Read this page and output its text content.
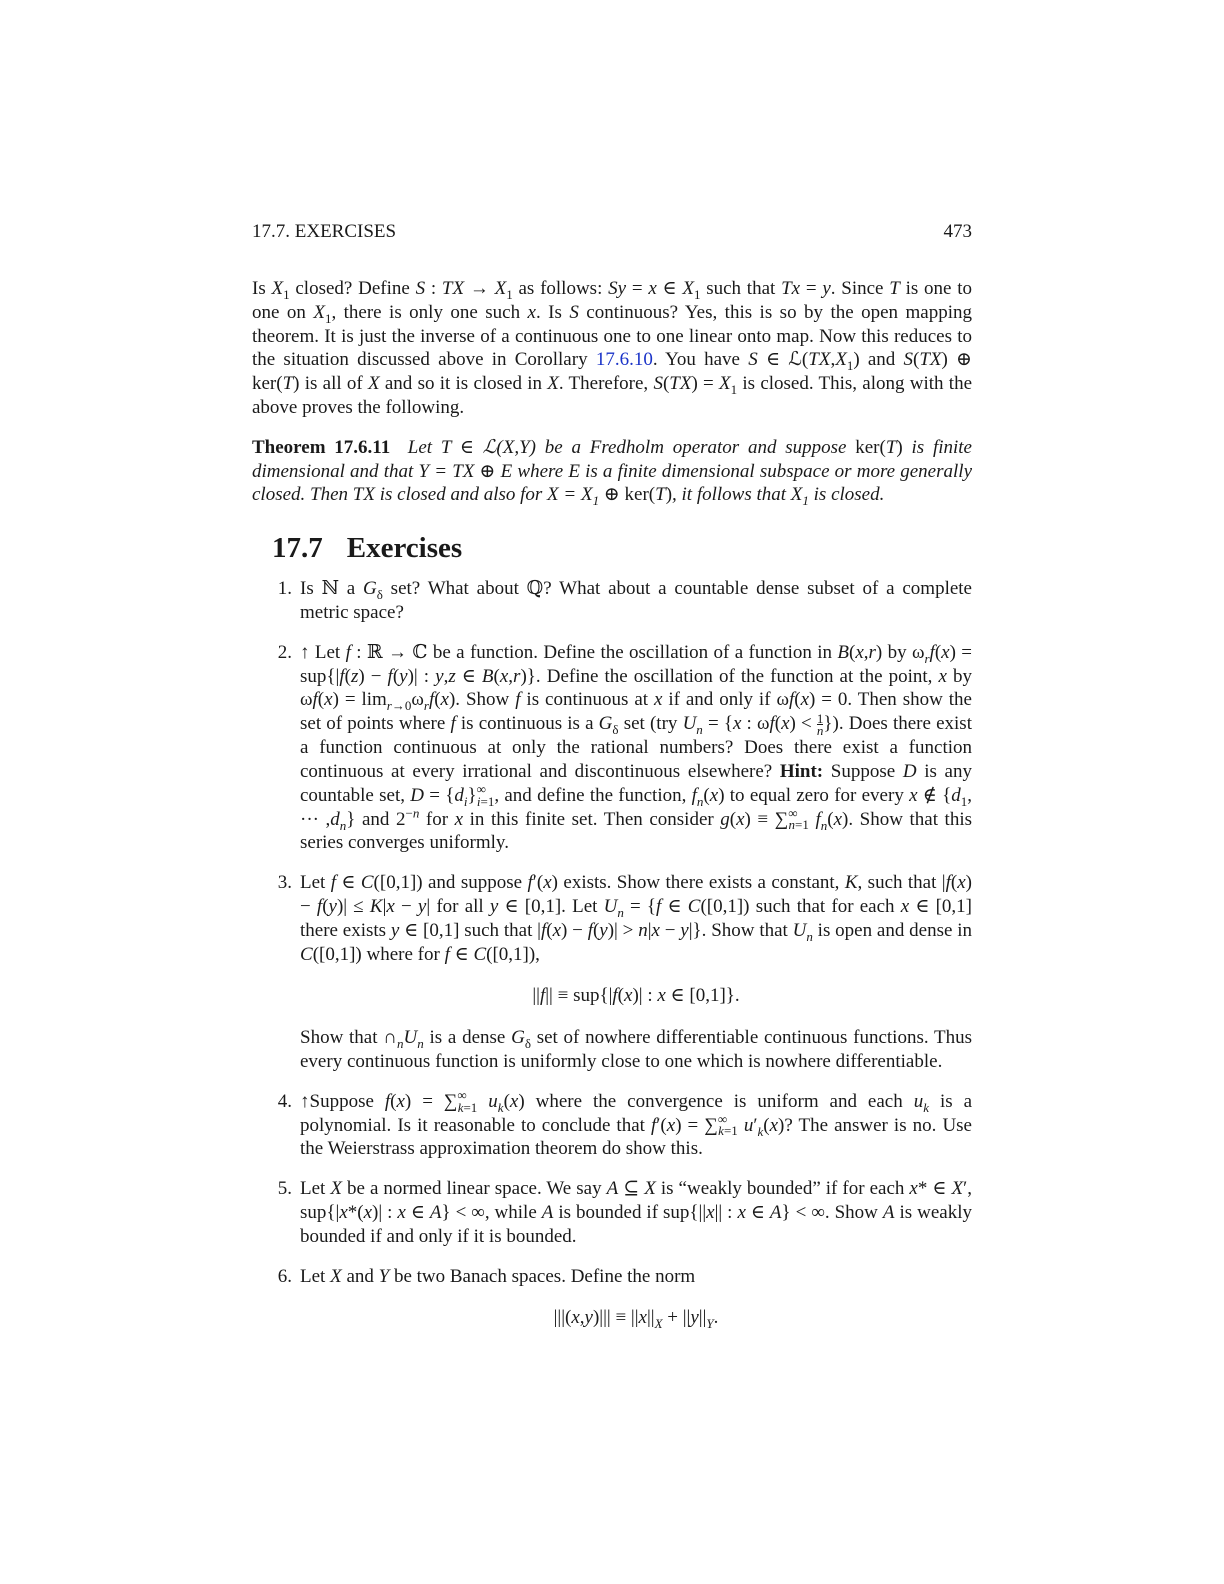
17.7. EXERCISES	473

Is $X_1$ closed? Define S : TX → $X_1$ as follows: Sy = x ∈ $X_1$ such that Tx = y. Since T is one to one on $X_1$, there is only one such x. Is S continuous? Yes, this is so by the open mapping theorem. It is just the inverse of a continuous one to one linear onto map. Now this reduces to the situation discussed above in Corollary 17.6.10. You have S ∈ $ℒ(TX,X_1)$ and S(TX) ⊕ ker(T) is all of X and so it is closed in X. Therefore, $S(TX) = X_1$ is closed. This, along with the above proves the following.

Theorem 17.6.11  Let T ∈ ℒ(X,Y) be a Fredholm operator and suppose ker(T) is finite dimensional and that Y = TX ⊕ E where E is a finite dimensional subspace or more generally closed. Then TX is closed and also for $X = X_1$ ⊕ ker(T), it follows that $X_1$ is closed.

17.7 Exercises
1. Is ℕ a $G_\delta$ set? What about ℚ? What about a countable dense subset of a complete metric space?
2. ↑ Let f : ℝ → ℂ be a function. Define the oscillation of a function in B(x,r) by $\omega_rf(x) = sup\{|f(z) - f(y)|$ : y,z ∈ B(x,r)}. Define the oscillation of the function at the point, x by $\omega f(x) = \lim_{r\to 0}\omega_rf(x)$. Show f is continuous at x if and only if ωf(x) = 0. Then show the set of points where f is continuous is a $G_\delta$ set (try $U_n = \{x$ : $\omega f(x) < \frac{1}{n}$ }). Does there exist a function continuous at only the rational numbers? Does there exist a function continuous at every irrational and discontinuous elsewhere? Hint: Suppose D is any countable set, $D = \{d_i\}^\infty_{i=1}$, and define the function, $f_n(x)$ to equal zero for every x ∉ {$d_1$, ··· $,d_n$} and $2^{-n}$ for x in this finite set. Then consider $g(x) \equiv \sum^\infty_{n=1}$ $f_n(x)$. Show that this series converges uniformly.
3. Let f ∈ C([0,1]) and suppose f′(x) exists. Show there exists a constant, K, such that |f(x) − f(y)| ≤ K|x − y| for all y ∈ [0,1]. Let $U_n = \{f$ ∈ C([0,1]) such that for each x ∈ [0,1] there exists y ∈ [0,1] such that |f(x) − f(y)| > n|x − y|}. Show that $U_n$ is open and dense in C([0,1]) where for f ∈ C([0,1]),
||f|| ≡ sup{|f(x)| : x ∈ [0,1]}.
Show that $\cap_nU_n$ is a dense $G_\delta$ set of nowhere differentiable continuous functions. Thus every continuous function is uniformly close to one which is nowhere differentiable.
4. ↑Suppose $f(x) = \sum^\infty_{k=1}$ $u_k(x)$ where the convergence is uniform and each $u_k$ is a polynomial. Is it reasonable to conclude that $f'(x) = \sum^\infty_{k=1}$ $u'_k(x)$? The answer is no. Use the Weierstrass approximation theorem do show this.
5. Let X be a normed linear space. We say A ⊆ X is “weakly bounded” if for each x* ∈ X′, sup{|x*(x)| : x ∈ A} < ∞, while A is bounded if sup{||x|| : x ∈ A} < ∞. Show A is weakly bounded if and only if it is bounded.
6. Let X and Y be two Banach spaces. Define the norm
$|||(x,y)||| \equiv ||x||_X + ||y||_Y$.
